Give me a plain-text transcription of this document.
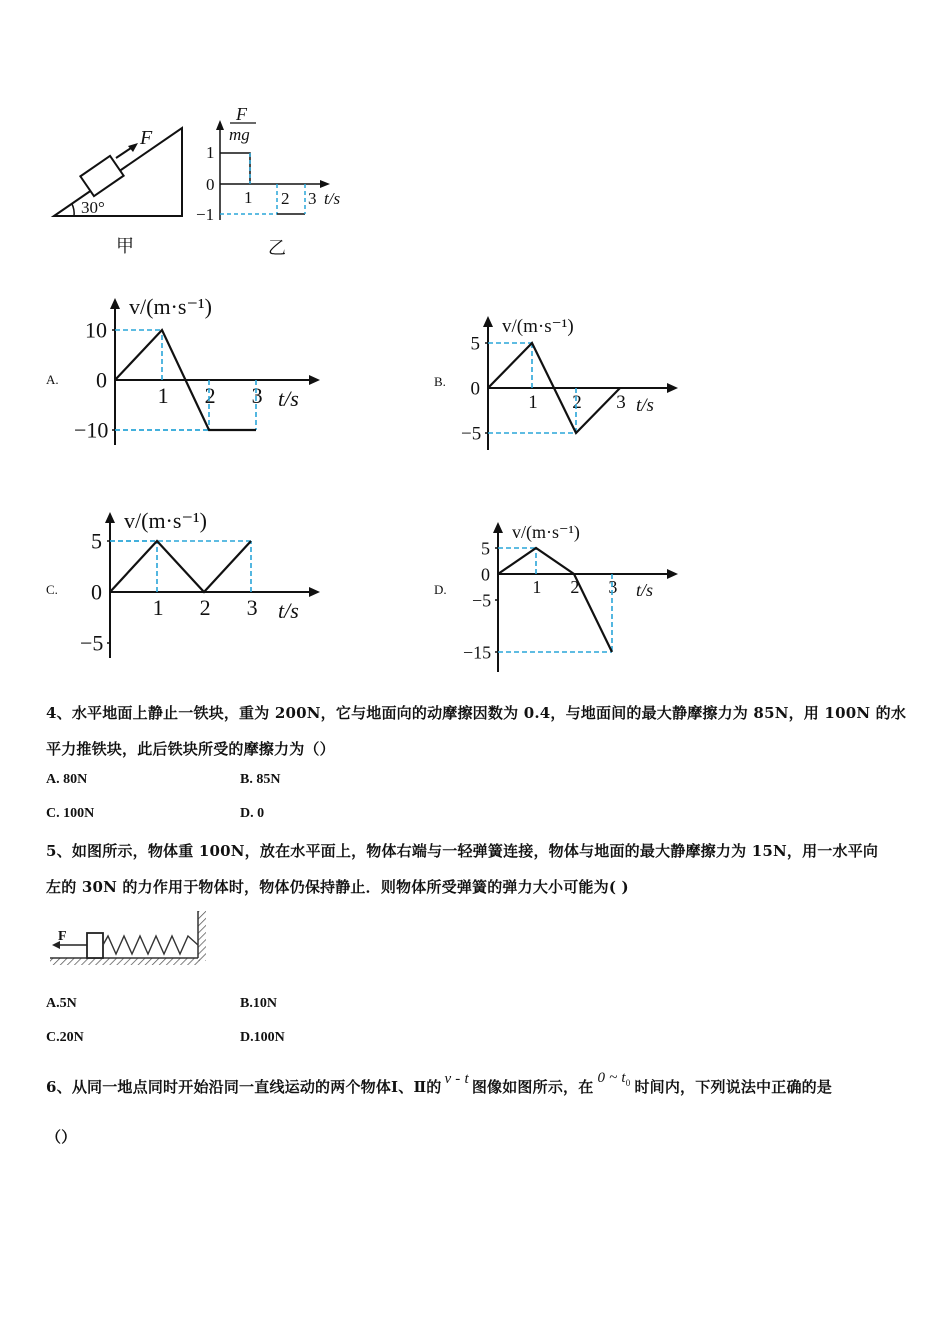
F
30°
甲
F
mg
1
0
−1
1 2 3 t/s
乙
A.
v/(m·s⁻¹)
10
0
−10
1 2 3 t/s
B.
v/(m·s⁻¹)
5
0
−5
1 2 3 t/s
C.
v/(m·s⁻¹)
5
0
−5
1 2 3 t/s
D.
v/(m·s⁻¹)
5
0
−5
−15
1 2 3 t/s
4、水平地面上静止一铁块，重为 200N，它与地面向的动摩擦因数为 0.4，与地面间的最大静摩擦力为 85N，用 100N 的水
平力推铁块，此后铁块所受的摩擦力为（）
A. 80N	B. 85N
C. 100N	D. 0
5、如图所示，物体重 100N，放在水平面上，物体右端与一轻弹簧连接，物体与地面的最大静摩擦力为 15N，用一水平向
左的 30N 的力作用于物体时，物体仍保持静止．则物体所受弹簧的弹力大小可能为( )
F
A.5N	B.10N
C.20N	D.100N
6、从同一地点同时开始沿同一直线运动的两个物体Ⅰ、Ⅱ的 v - t 图像如图所示，在 0 ~ $t_0$ 时间内，下列说法中正确的是
（）
